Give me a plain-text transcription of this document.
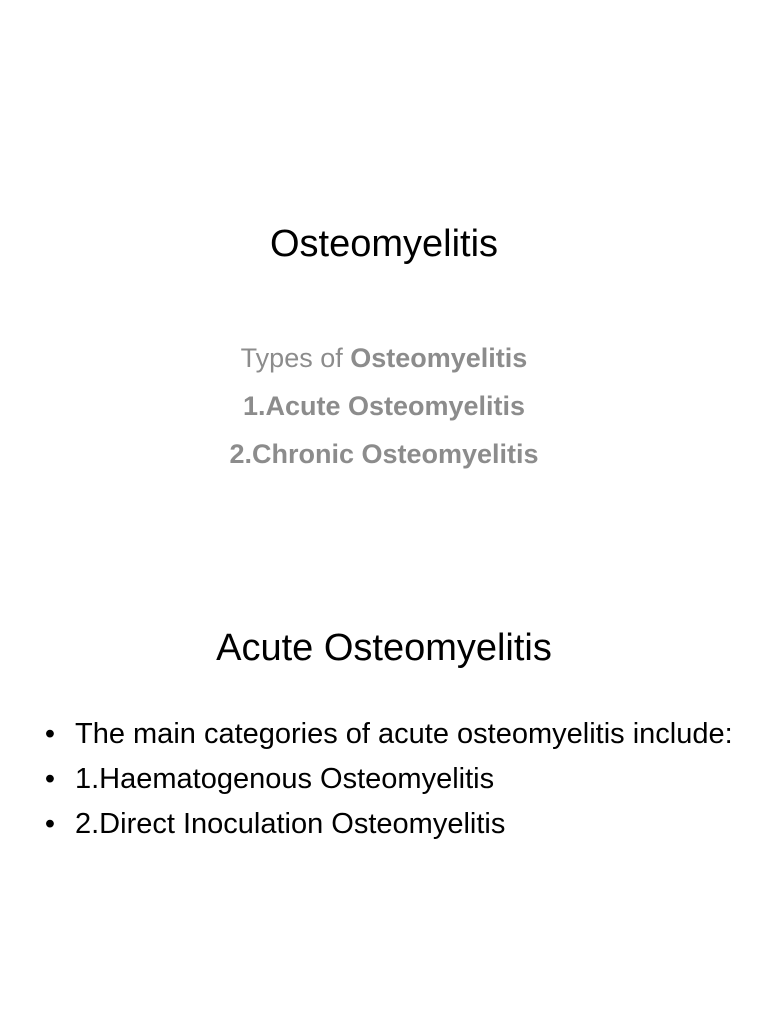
Osteomyelitis
Types of Osteomyelitis
1.Acute Osteomyelitis
2.Chronic Osteomyelitis
Acute Osteomyelitis
• The main categories of acute osteomyelitis include:
• 1.Haematogenous Osteomyelitis
• 2.Direct Inoculation Osteomyelitis
